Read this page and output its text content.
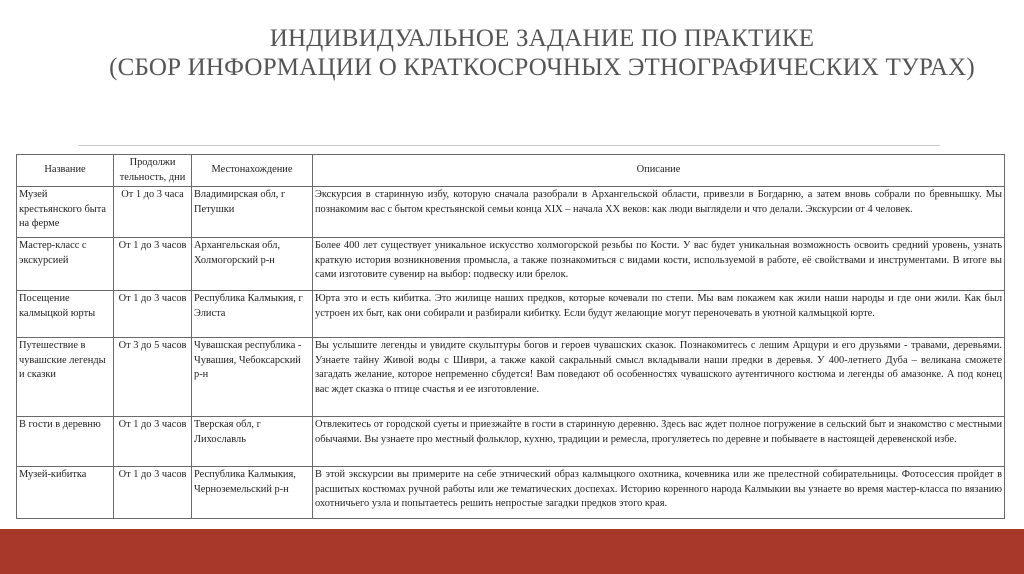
ИНДИВИДУАЛЬНОЕ ЗАДАНИЕ ПО ПРАКТИКЕ
(СБОР ИНФОРМАЦИИ О КРАТКОСРОЧНЫХ ЭТНОГРАФИЧЕСКИХ ТУРАХ)
Название	Продолжи тельность, дни	Местонахождение	Описание
Музей крестьянского быта на ферме	От 1 до 3 часа	Владимирская обл, г Петушки	Экскурсия в старинную избу, которую сначала разобрали в Архангельской области, привезли в Богдарню, а затем вновь собрали по бревнышку. Мы познакомим вас с бытом крестьянской семьи конца XIX – начала XX веков: как люди выглядели и что делали. Экскурсии от 4 человек.
Мастер-класс с экскурсией	От 1 до 3 часов	Архангельская обл, Холмогорский р-н	Более 400 лет существует уникальное искусство холмогорской резьбы по Кости. У вас будет уникальная возможность освоить средний уровень, узнать краткую история возникновения промысла, а также познакомиться с видами кости, используемой в работе, её свойствами и инструментами. В итоге вы сами изготовите сувенир на выбор: подвеску или брелок.
Посещение калмыцкой юрты	От 1 до 3 часов	Республика Калмыкия, г Элиста	Юрта это и есть кибитка. Это жилище наших предков, которые кочевали по степи. Мы вам покажем как жили наши народы и где они жили. Как был устроен их быт, как они собирали и разбирали кибитку. Если будут желающие могут переночевать в уютной калмыцкой юрте.
Путешествие в чувашские легенды и сказки	От 3 до 5 часов	Чувашская республика - Чувашия, Чебоксарский р-н	Вы услышите легенды и увидите скульптуры богов и героев чувашских сказок. Познакомитесь с лешим Арщури и его друзьями - травами, деревьями. Узнаете тайну Живой воды с Шиври, а также какой сакральный смысл вкладывали наши предки в деревья. У 400-летнего Дуба – великана сможете загадать желание, которое непременно сбудется! Вам поведают об особенностях чувашского аутентичного костюма и легенды об амазонке. А под конец вас ждет сказка о птице счастья и ее изготовление.
В гости в деревню	От 1 до 3 часов	Тверская обл, г Лихославль	Отвлекитесь от городской суеты и приезжайте в гости в старинную деревню. Здесь вас ждет полное погружение в сельский быт и знакомство с местными обычаями. Вы узнаете про местный фольклор, кухню, традиции и ремесла, прогуляетесь по деревне и побываете в настоящей деревенской избе.
Музей-кибитка	От 1 до 3 часов	Республика Калмыкия, Черноземельский р-н	В этой экскурсии вы примерите на себе этнический образ калмыцкого охотника, кочевника или же прелестной собирательницы. Фотосессия пройдет в расшитых костюмах ручной работы или же тематических доспехах. Историю коренного народа Калмыкии вы узнаете во время мастер-класса по вязанию охотничьего узла и попытаетесь решить непростые загадки предков этого края.
